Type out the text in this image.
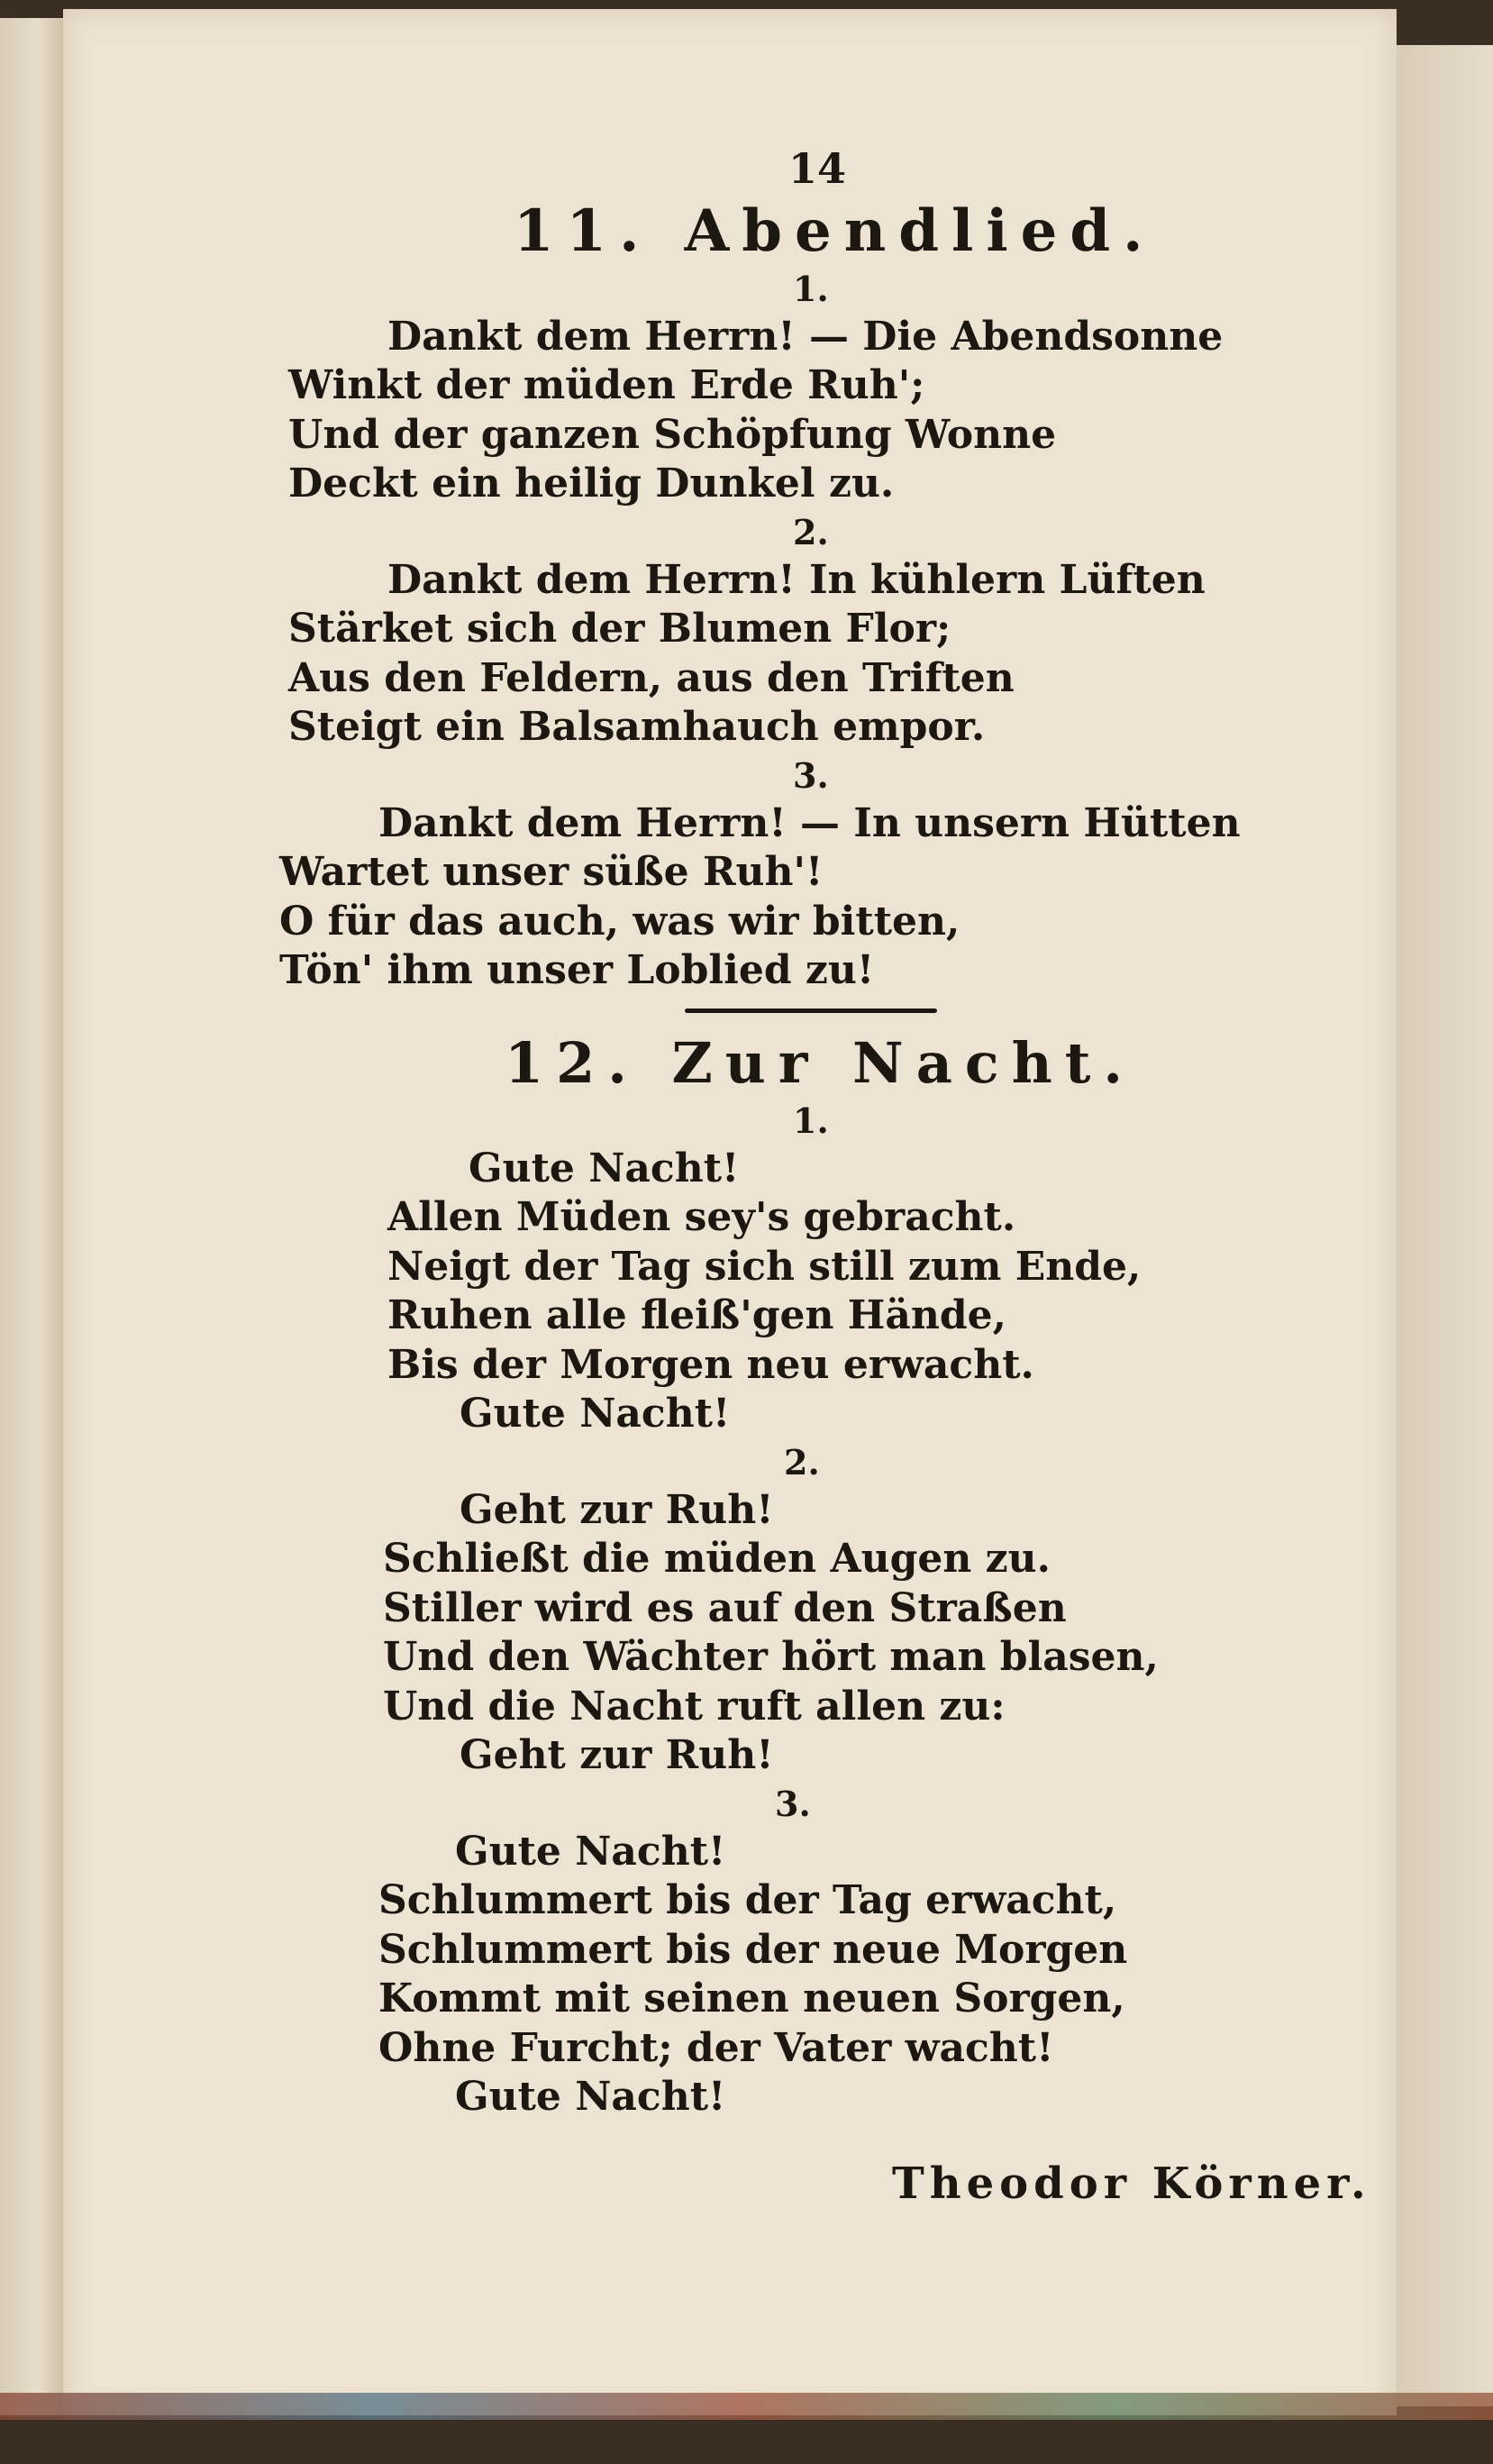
14
11. Abendlied.
1.
Dankt dem Herrn! — Die Abendsonne
Winkt der müden Erde Ruh';
Und der ganzen Schöpfung Wonne
Deckt ein heilig Dunkel zu.
2.
Dankt dem Herrn! In kühlern Lüften
Stärket sich der Blumen Flor;
Aus den Feldern, aus den Triften
Steigt ein Balsamhauch empor.
3.
Dankt dem Herrn! — In unsern Hütten
Wartet unser süße Ruh'!
O für das auch, was wir bitten,
Tön' ihm unser Loblied zu!
12. Zur Nacht.
1.
Gute Nacht!
Allen Müden sey's gebracht.
Neigt der Tag sich still zum Ende,
Ruhen alle fleiß'gen Hände,
Bis der Morgen neu erwacht.
Gute Nacht!
2.
Geht zur Ruh!
Schließt die müden Augen zu.
Stiller wird es auf den Straßen
Und den Wächter hört man blasen,
Und die Nacht ruft allen zu:
Geht zur Ruh!
3.
Gute Nacht!
Schlummert bis der Tag erwacht,
Schlummert bis der neue Morgen
Kommt mit seinen neuen Sorgen,
Ohne Furcht; der Vater wacht!
Gute Nacht!
Theodor Körner.
